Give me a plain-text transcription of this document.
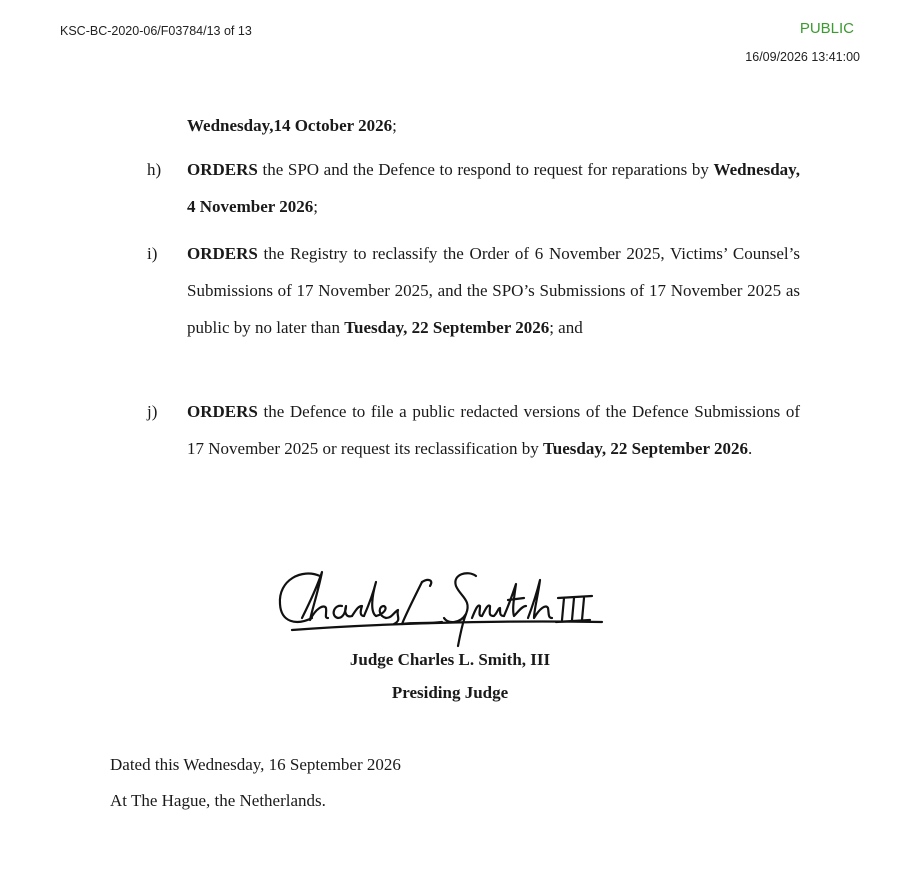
KSC-BC-2020-06/F03784/13 of 13	PUBLIC
16/09/2026 13:41:00
Wednesday,14 October 2026;
h) ORDERS the SPO and the Defence to respond to request for reparations by Wednesday, 4 November 2026;
i) ORDERS the Registry to reclassify the Order of 6 November 2025, Victims’ Counsel’s Submissions of 17 November 2025, and the SPO’s Submissions of 17 November 2025 as public by no later than Tuesday, 22 September 2026; and
j) ORDERS the Defence to file a public redacted versions of the Defence Submissions of 17 November 2025 or request its reclassification by Tuesday, 22 September 2026.
Judge Charles L. Smith, III
Presiding Judge
Dated this Wednesday, 16 September 2026
At The Hague, the Netherlands.
